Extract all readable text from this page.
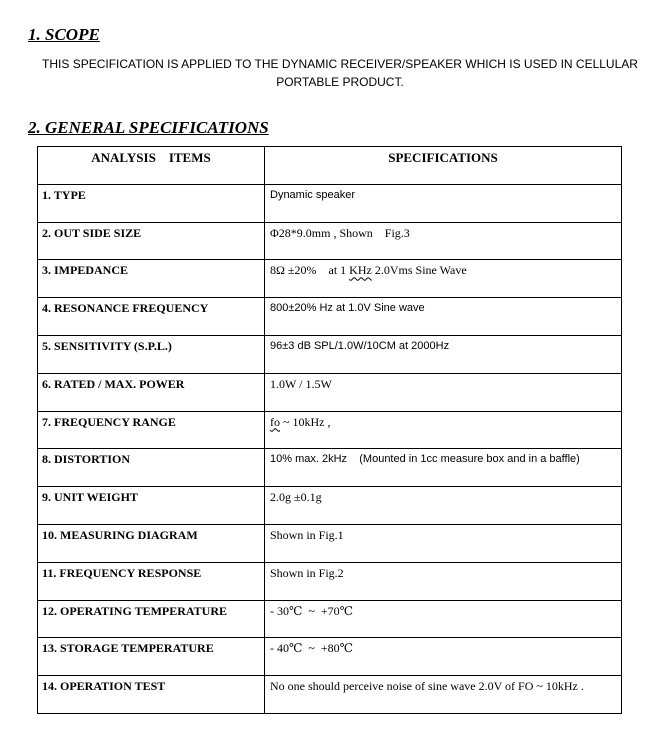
1. SCOPE

THIS SPECIFICATION IS APPLIED TO THE DYNAMIC RECEIVER/SPEAKER WHICH IS USED IN CELLULAR PORTABLE PRODUCT.

2. GENERAL SPECIFICATIONS
ANALYSIS    ITEMS	SPECIFICATIONS
1. TYPE	Dynamic speaker
2. OUT SIDE SIZE	Φ28*9.0mm , Shown    Fig.3
3. IMPEDANCE	8Ω ±20%    at 1 KHz 2.0Vms Sine Wave
4. RESONANCE FREQUENCY	800±20% Hz at 1.0V Sine wave
5. SENSITIVITY (S.P.L.)	96±3 dB SPL/1.0W/10CM at 2000Hz
6. RATED / MAX. POWER	1.0W / 1.5W
7. FREQUENCY RANGE	fo ~ 10kHz ,
8. DISTORTION	10% max. 2kHz    (Mounted in 1cc measure box and in a baffle)
9. UNIT WEIGHT	2.0g ±0.1g
10. MEASURING DIAGRAM	Shown in Fig.1
11. FREQUENCY RESPONSE	Shown in Fig.2
12. OPERATING TEMPERATURE	- 30℃  ~  +70℃
13. STORAGE TEMPERATURE	- 40℃  ~  +80℃
14. OPERATION TEST	No one should perceive noise of sine wave 2.0V of FO ~ 10kHz .
